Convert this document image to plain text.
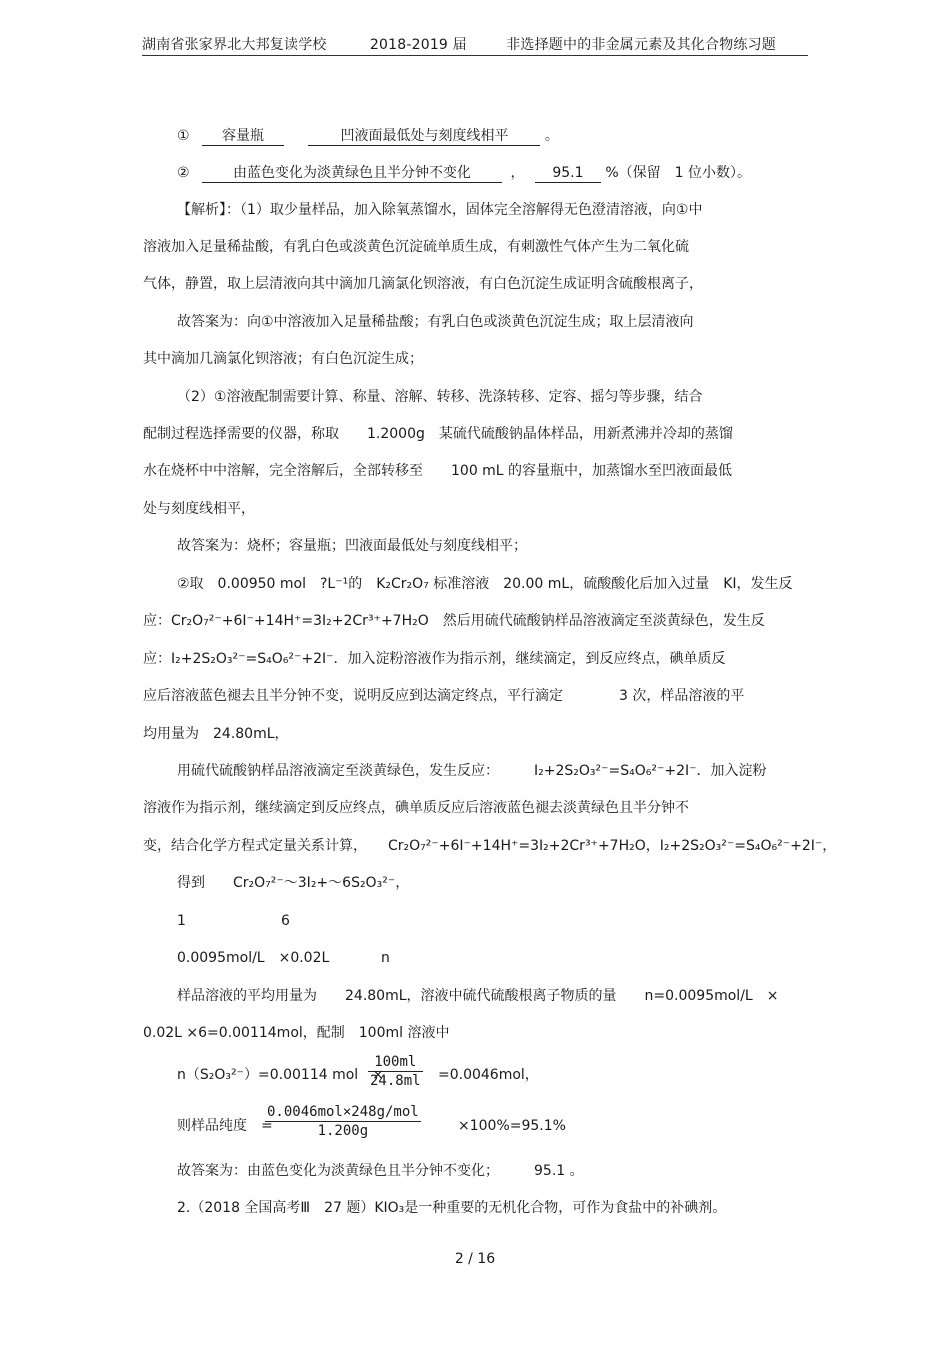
湖南省张家界北大邦复读学校	2018-2019 届	非选择题中的非金属元素及其化合物练习题
① 容量瓶	凹液面最低处与刻度线相平	。
②	由蓝色变化为淡黄绿色且半分钟不变化	， 95.1 %（保留　1 位小数）。
【解析】：（1）取少量样品，加入除氧蒸馏水，固体完全溶解得无色澄清溶液，向①中
溶液加入足量稀盐酸，有乳白色或淡黄色沉淀硫单质生成，有刺激性气体产生为二氧化硫
气体，静置，取上层清液向其中滴加几滴氯化钡溶液，有白色沉淀生成证明含硫酸根离子，
故答案为：向①中溶液加入足量稀盐酸；有乳白色或淡黄色沉淀生成；取上层清液向
其中滴加几滴氯化钡溶液；有白色沉淀生成；
（2）①溶液配制需要计算、称量、溶解、转移、洗涤转移、定容、摇匀等步骤，结合
配制过程选择需要的仪器，称取　　1.2000g　某硫代硫酸钠晶体样品，用新煮沸并冷却的蒸馏
水在烧杯中中溶解，完全溶解后，全部转移至　　100 mL 的容量瓶中，加蒸馏水至凹液面最低
处与刻度线相平，
故答案为：烧杯；容量瓶；凹液面最低处与刻度线相平；
②取　0.00950 mol　?L⁻¹的　K₂Cr₂O₇ 标准溶液　20.00 mL，硫酸酸化后加入过量　KI，发生反
应：Cr₂O₇²⁻+6I⁻+14H⁺=3I₂+2Cr³⁺+7H₂O　然后用硫代硫酸钠样品溶液滴定至淡黄绿色，发生反
应：I₂+2S₂O₃²⁻=S₄O₆²⁻+2I⁻．加入淀粉溶液作为指示剂，继续滴定，到反应终点，碘单质反
应后溶液蓝色褪去且半分钟不变，说明反应到达滴定终点，平行滴定　　　　3 次，样品溶液的平
均用量为　24.80mL，
用硫代硫酸钠样品溶液滴定至淡黄绿色，发生反应：　　　I₂+2S₂O₃²⁻=S₄O₆²⁻+2I⁻．加入淀粉
溶液作为指示剂，继续滴定到反应终点，碘单质反应后溶液蓝色褪去淡黄绿色且半分钟不
变，结合化学方程式定量关系计算，　　Cr₂O₇²⁻+6I⁻+14H⁺=3I₂+2Cr³⁺+7H₂O，I₂+2S₂O₃²⁻=S₄O₆²⁻+2I⁻，
得到　　Cr₂O₇²⁻～3I₂+～6S₂O₃²⁻，
1	6
0.0095mol/L　×0.02L	n
样品溶液的平均用量为　　24.80mL，溶液中硫代硫酸根离子物质的量　　n=0.0095mol/L　×
0.02L ×6=0.00114mol，配制　100ml 溶液中
n（S₂O₃²⁻）=0.00114 mol　×
100ml
24.8ml =0.0046mol，
则样品纯度　=
0.0046mol×248g/mol
1.200g	×100%=95.1%
故答案为：由蓝色变化为淡黄绿色且半分钟不变化；　　　95.1 。
2.（2018 全国高考Ⅲ　27 题）KIO₃是一种重要的无机化合物，可作为食盐中的补碘剂。
2 / 16
